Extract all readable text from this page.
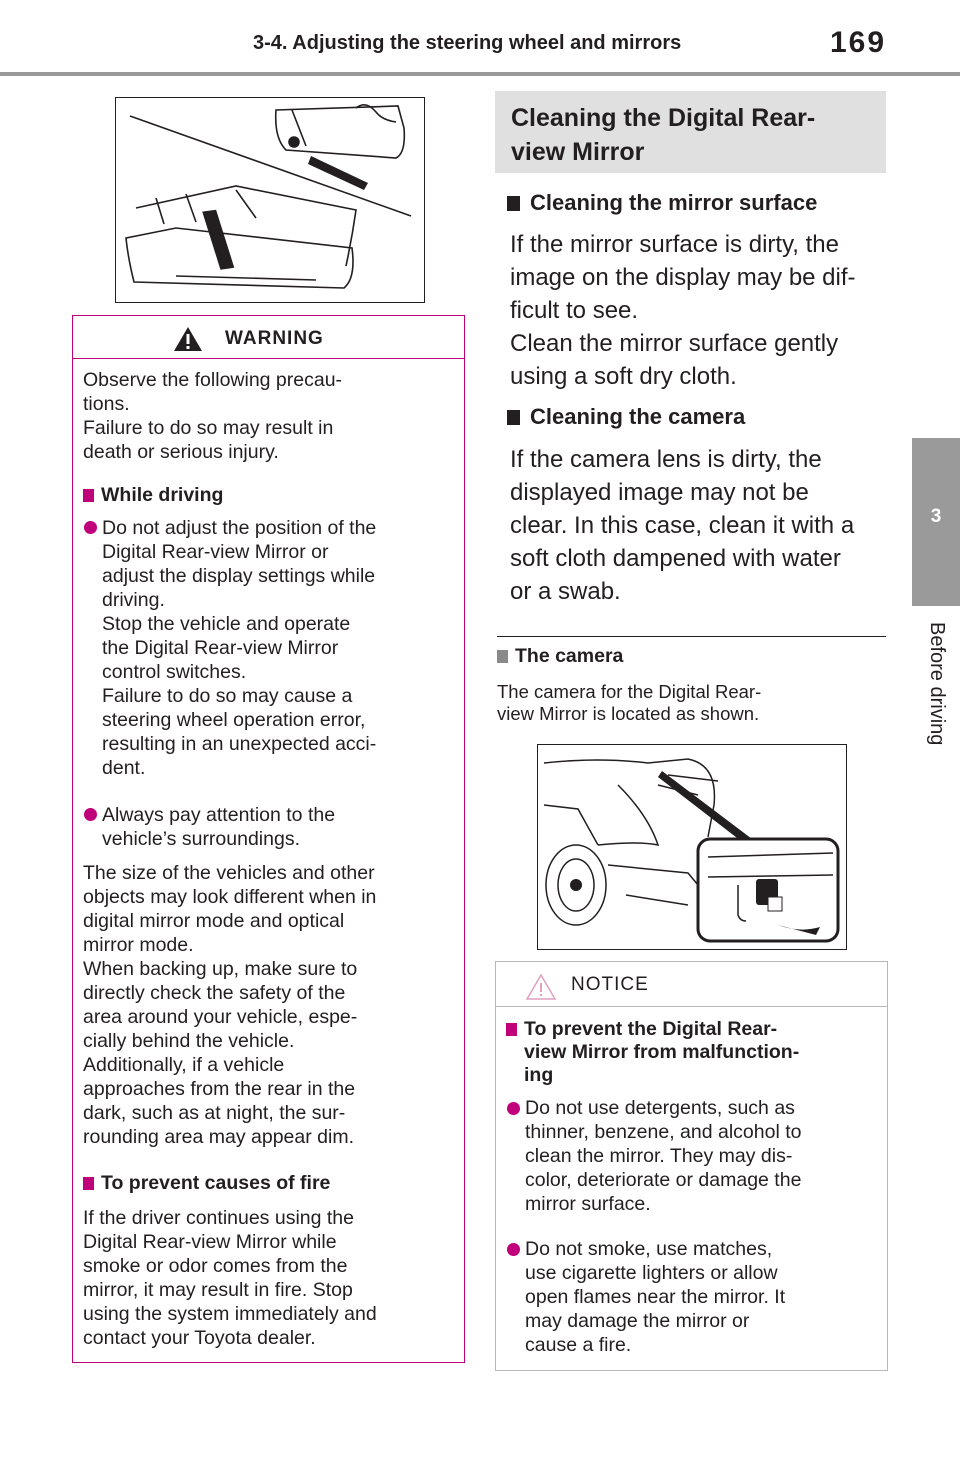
3-4. Adjusting the steering wheel and mirrors	169
3
Before driving
WARNING
Observe the following precau-
tions.
Failure to do so may result in
death or serious injury.
While driving
Do not adjust the position of the
Digital Rear-view Mirror or
adjust the display settings while
driving.
Stop the vehicle and operate
the Digital Rear-view Mirror
control switches.
Failure to do so may cause a
steering wheel operation error,
resulting in an unexpected acci-
dent.
Always pay attention to the
vehicle’s surroundings.
The size of the vehicles and other
objects may look different when in
digital mirror mode and optical
mirror mode.
When backing up, make sure to
directly check the safety of the
area around your vehicle, espe-
cially behind the vehicle.
Additionally, if a vehicle
approaches from the rear in the
dark, such as at night, the sur-
rounding area may appear dim.
To prevent causes of fire
If the driver continues using the
Digital Rear-view Mirror while
smoke or odor comes from the
mirror, it may result in fire. Stop
using the system immediately and
contact your Toyota dealer.
Cleaning the Digital Rear-
view Mirror
Cleaning the mirror surface
If the mirror surface is dirty, the
image on the display may be dif-
ficult to see.
Clean the mirror surface gently
using a soft dry cloth.
Cleaning the camera
If the camera lens is dirty, the
displayed image may not be
clear. In this case, clean it with a
soft cloth dampened with water
or a swab.
The camera
The camera for the Digital Rear-
view Mirror is located as shown.
NOTICE
To prevent the Digital Rear-
view Mirror from malfunction-
ing
Do not use detergents, such as
thinner, benzene, and alcohol to
clean the mirror. They may dis-
color, deteriorate or damage the
mirror surface.
Do not smoke, use matches,
use cigarette lighters or allow
open flames near the mirror. It
may damage the mirror or
cause a fire.
